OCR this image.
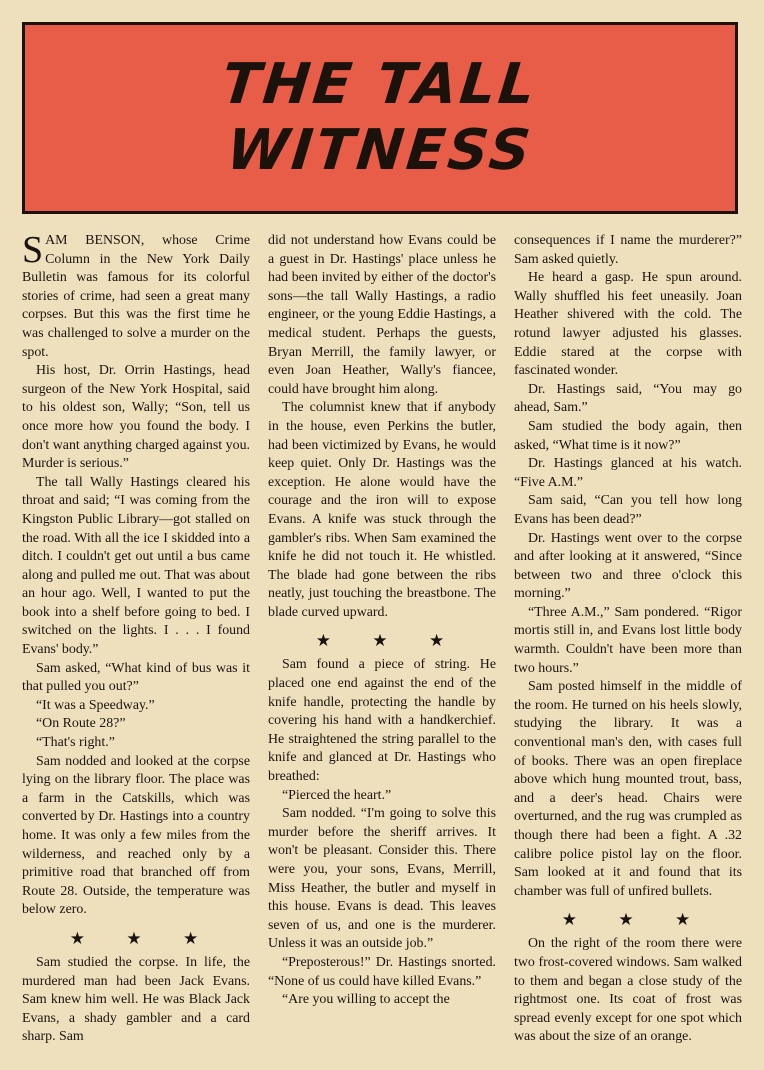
THE TALL
WITNESS

SAM BENSON, whose Crime Column in the New York Daily Bulletin was famous for its colorful stories of crime, had seen a great many corpses. But this was the first time he was challenged to solve a murder on the spot.

His host, Dr. Orrin Hastings, head surgeon of the New York Hospital, said to his oldest son, Wally; “Son, tell us once more how you found the body. I don't want anything charged against you. Murder is serious.”

The tall Wally Hastings cleared his throat and said; “I was coming from the Kingston Public Library—got stalled on the road. With all the ice I skidded into a ditch. I couldn't get out until a bus came along and pulled me out. That was about an hour ago. Well, I wanted to put the book into a shelf before going to bed. I switched on the lights. I . . . I found Evans' body.”

Sam asked, “What kind of bus was it that pulled you out?”

“It was a Speedway.”

“On Route 28?”

“That's right.”

Sam nodded and looked at the corpse lying on the library floor. The place was a farm in the Catskills, which was converted by Dr. Hastings into a country home. It was only a few miles from the wilderness, and reached only by a primitive road that branched off from Route 28. Outside, the temperature was below zero.

★ ★ ★

Sam studied the corpse. In life, the murdered man had been Jack Evans. Sam knew him well. He was Black Jack Evans, a shady gambler and a card sharp. Sam

did not understand how Evans could be a guest in Dr. Hastings' place unless he had been invited by either of the doctor's sons—the tall Wally Hastings, a radio engineer, or the young Eddie Hastings, a medical student. Perhaps the guests, Bryan Merrill, the family lawyer, or even Joan Heather, Wally's fiancee, could have brought him along.

The columnist knew that if anybody in the house, even Perkins the butler, had been victimized by Evans, he would keep quiet. Only Dr. Hastings was the exception. He alone would have the courage and the iron will to expose Evans. A knife was stuck through the gambler's ribs. When Sam examined the knife he did not touch it. He whistled. The blade had gone between the ribs neatly, just touching the breastbone. The blade curved upward.

★ ★ ★

Sam found a piece of string. He placed one end against the end of the knife handle, protecting the handle by covering his hand with a handkerchief. He straightened the string parallel to the knife and glanced at Dr. Hastings who breathed:

“Pierced the heart.”

Sam nodded. “I'm going to solve this murder before the sheriff arrives. It won't be pleasant. Consider this. There were you, your sons, Evans, Merrill, Miss Heather, the butler and myself in this house. Evans is dead. This leaves seven of us, and one is the murderer. Unless it was an outside job.”

“Preposterous!” Dr. Hastings snorted. “None of us could have killed Evans.”

“Are you willing to accept the

consequences if I name the murderer?” Sam asked quietly.

He heard a gasp. He spun around. Wally shuffled his feet uneasily. Joan Heather shivered with the cold. The rotund lawyer adjusted his glasses. Eddie stared at the corpse with fascinated wonder.

Dr. Hastings said, “You may go ahead, Sam.”

Sam studied the body again, then asked, “What time is it now?”

Dr. Hastings glanced at his watch. “Five A.M.”

Sam said, “Can you tell how long Evans has been dead?”

Dr. Hastings went over to the corpse and after looking at it answered, “Since between two and three o'clock this morning.”

“Three A.M.,” Sam pondered. “Rigor mortis still in, and Evans lost little body warmth. Couldn't have been more than two hours.”

Sam posted himself in the middle of the room. He turned on his heels slowly, studying the library. It was a conventional man's den, with cases full of books. There was an open fireplace above which hung mounted trout, bass, and a deer's head. Chairs were overturned, and the rug was crumpled as though there had been a fight. A .32 calibre police pistol lay on the floor. Sam looked at it and found that its chamber was full of unfired bullets.

★ ★ ★

On the right of the room there were two frost-covered windows. Sam walked to them and began a close study of the rightmost one. Its coat of frost was spread evenly except for one spot which was about the size of an orange.
